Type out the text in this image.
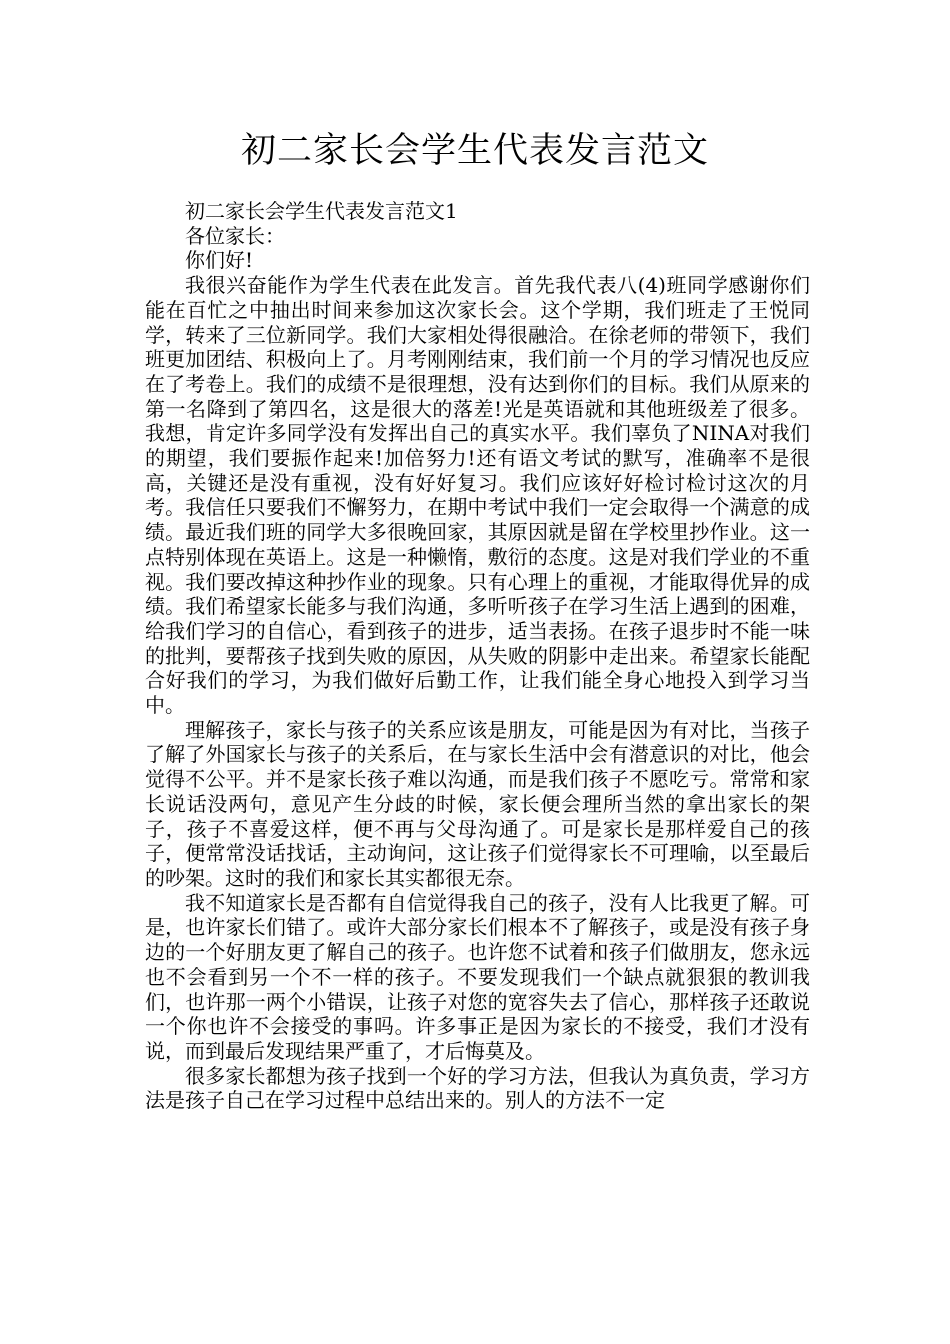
初二家长会学生代表发言范文

初二家长会学生代表发言范文1

各位家长：

你们好!

我很兴奋能作为学生代表在此发言。首先我代表八(4)班同学感谢你们能在百忙之中抽出时间来参加这次家长会。这个学期，我们班走了王悦同学，转来了三位新同学。我们大家相处得很融洽。在徐老师的带领下，我们班更加团结、积极向上了。月考刚刚结束，我们前一个月的学习情况也反应在了考卷上。我们的成绩不是很理想，没有达到你们的目标。我们从原来的第一名降到了第四名，这是很大的落差!光是英语就和其他班级差了很多。我想，肯定许多同学没有发挥出自己的真实水平。我们辜负了NINA对我们的期望，我们要振作起来!加倍努力!还有语文考试的默写，准确率不是很高，关键还是没有重视，没有好好复习。我们应该好好检讨检讨这次的月考。我信任只要我们不懈努力，在期中考试中我们一定会取得一个满意的成绩。最近我们班的同学大多很晚回家，其原因就是留在学校里抄作业。这一点特别体现在英语上。这是一种懒惰，敷衍的态度。这是对我们学业的不重视。我们要改掉这种抄作业的现象。只有心理上的重视，才能取得优异的成绩。我们希望家长能多与我们沟通，多听听孩子在学习生活上遇到的困难，给我们学习的自信心，看到孩子的进步，适当表扬。在孩子退步时不能一味的批判，要帮孩子找到失败的原因，从失败的阴影中走出来。希望家长能配合好我们的学习，为我们做好后勤工作，让我们能全身心地投入到学习当中。

理解孩子，家长与孩子的关系应该是朋友，可能是因为有对比，当孩子了解了外国家长与孩子的关系后，在与家长生活中会有潜意识的对比，他会觉得不公平。并不是家长孩子难以沟通，而是我们孩子不愿吃亏。常常和家长说话没两句，意见产生分歧的时候，家长便会理所当然的拿出家长的架子，孩子不喜爱这样，便不再与父母沟通了。可是家长是那样爱自己的孩子，便常常没话找话，主动询问，这让孩子们觉得家长不可理喻，以至最后的吵架。这时的我们和家长其实都很无奈。

我不知道家长是否都有自信觉得我自己的孩子，没有人比我更了解。可是，也许家长们错了。或许大部分家长们根本不了解孩子，或是没有孩子身边的一个好朋友更了解自己的孩子。也许您不试着和孩子们做朋友，您永远也不会看到另一个不一样的孩子。不要发现我们一个缺点就狠狠的教训我们，也许那一两个小错误，让孩子对您的宽容失去了信心，那样孩子还敢说一个你也许不会接受的事吗。许多事正是因为家长的不接受，我们才没有说，而到最后发现结果严重了，才后悔莫及。

很多家长都想为孩子找到一个好的学习方法，但我认为真负责，学习方法是孩子自己在学习过程中总结出来的。别人的方法不一定
